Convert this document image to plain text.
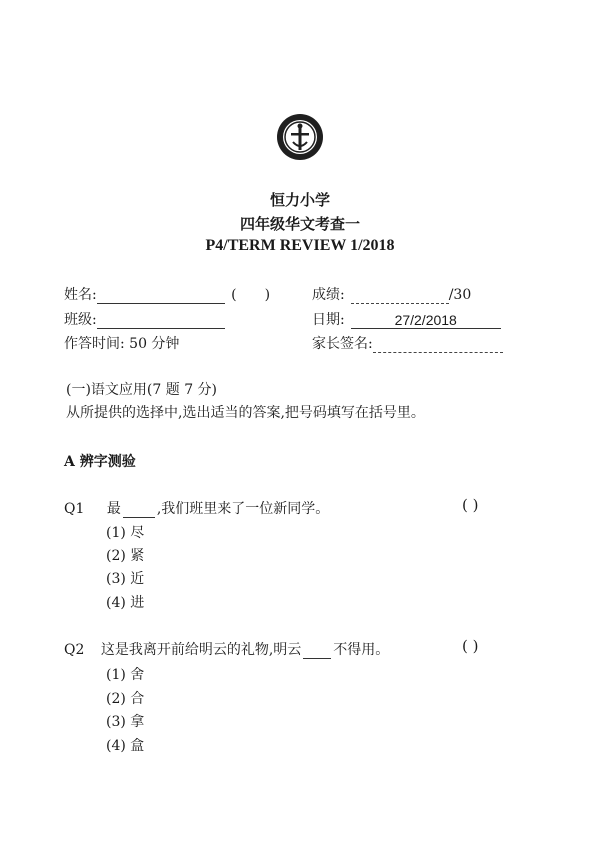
恒力小学
四年级华文考查一
P4/TERM REVIEW 1/2018
姓名:	( )	成绩:	/30
班级:	日期:	27/2/2018
作答时间: 50 分钟	家长签名:
(一)语文应用(7 题 7 分)
从所提供的选择中,选出适当的答案,把号码填写在括号里。
A 辨字测验
Q1 最	,我们班里来了一位新同学。	( )
(1) 尽
(2) 紧
(3) 近
(4) 进
Q2 这是我离开前给明云的礼物,明云 不得用。	( )
(1) 舍
(2) 合
(3) 拿
(4) 盒
